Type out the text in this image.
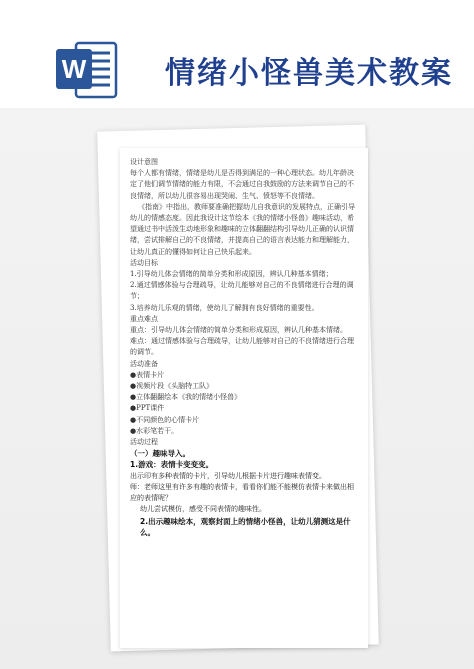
W	情绪小怪兽美术教案

设计意图

每个人都有情绪，情绪是幼儿是否得到满足的一种心理状态。幼儿年龄决定了他们调节情绪的能力有限，不会通过自我鼓励的方法来调节自己的不良情绪，所以幼儿很容易出现哭闹、生气、愤怒等不良情绪。

《指南》中指出，教师要准确把握幼儿自我意识的发展特点，正确引导幼儿的情感态度。因此我设计这节绘本《我的情绪小怪兽》趣味活动，希望通过书中活泼生动地形象和趣味的立体翻翻结构引导幼儿正确的认识情绪，尝试排解自己的不良情绪，并提高自己的语言表达能力和理解能力，让幼儿真正的懂得如何让自己快乐起来。

活动目标

1.引导幼儿体会情绪的简单分类和形成原因，辨认几种基本情绪；

2.通过情感体验与合理疏导，让幼儿能够对自己的不良情绪进行合理的调节；

3.培养幼儿乐观的情绪，使幼儿了解拥有良好情绪的重要性。

重点难点

重点：引导幼儿体会情绪的简单分类和形成原因，辨认几种基本情绪。

难点：通过情感体验与合理疏导，让幼儿能够对自己的不良情绪进行合理的调节。

活动准备

●表情卡片

●视频片段《头脑特工队》

●立体翻翻绘本《我的情绪小怪兽》

●PPT课件

●不同颜色的心情卡片

●水彩笔若干。

活动过程

（一）趣味导入。

1.游戏：表情卡变变变。

出示印有多种表情的卡片，引导幼儿根据卡片进行趣味表情变。

师：老师这里有许多有趣的表情卡，看看你们能不能模仿表情卡来做出相应的表情呢？

幼儿尝试模仿，感受不同表情的趣味性。

2.出示趣味绘本，观察封面上的情绪小怪兽，让幼儿猜测这是什么。
